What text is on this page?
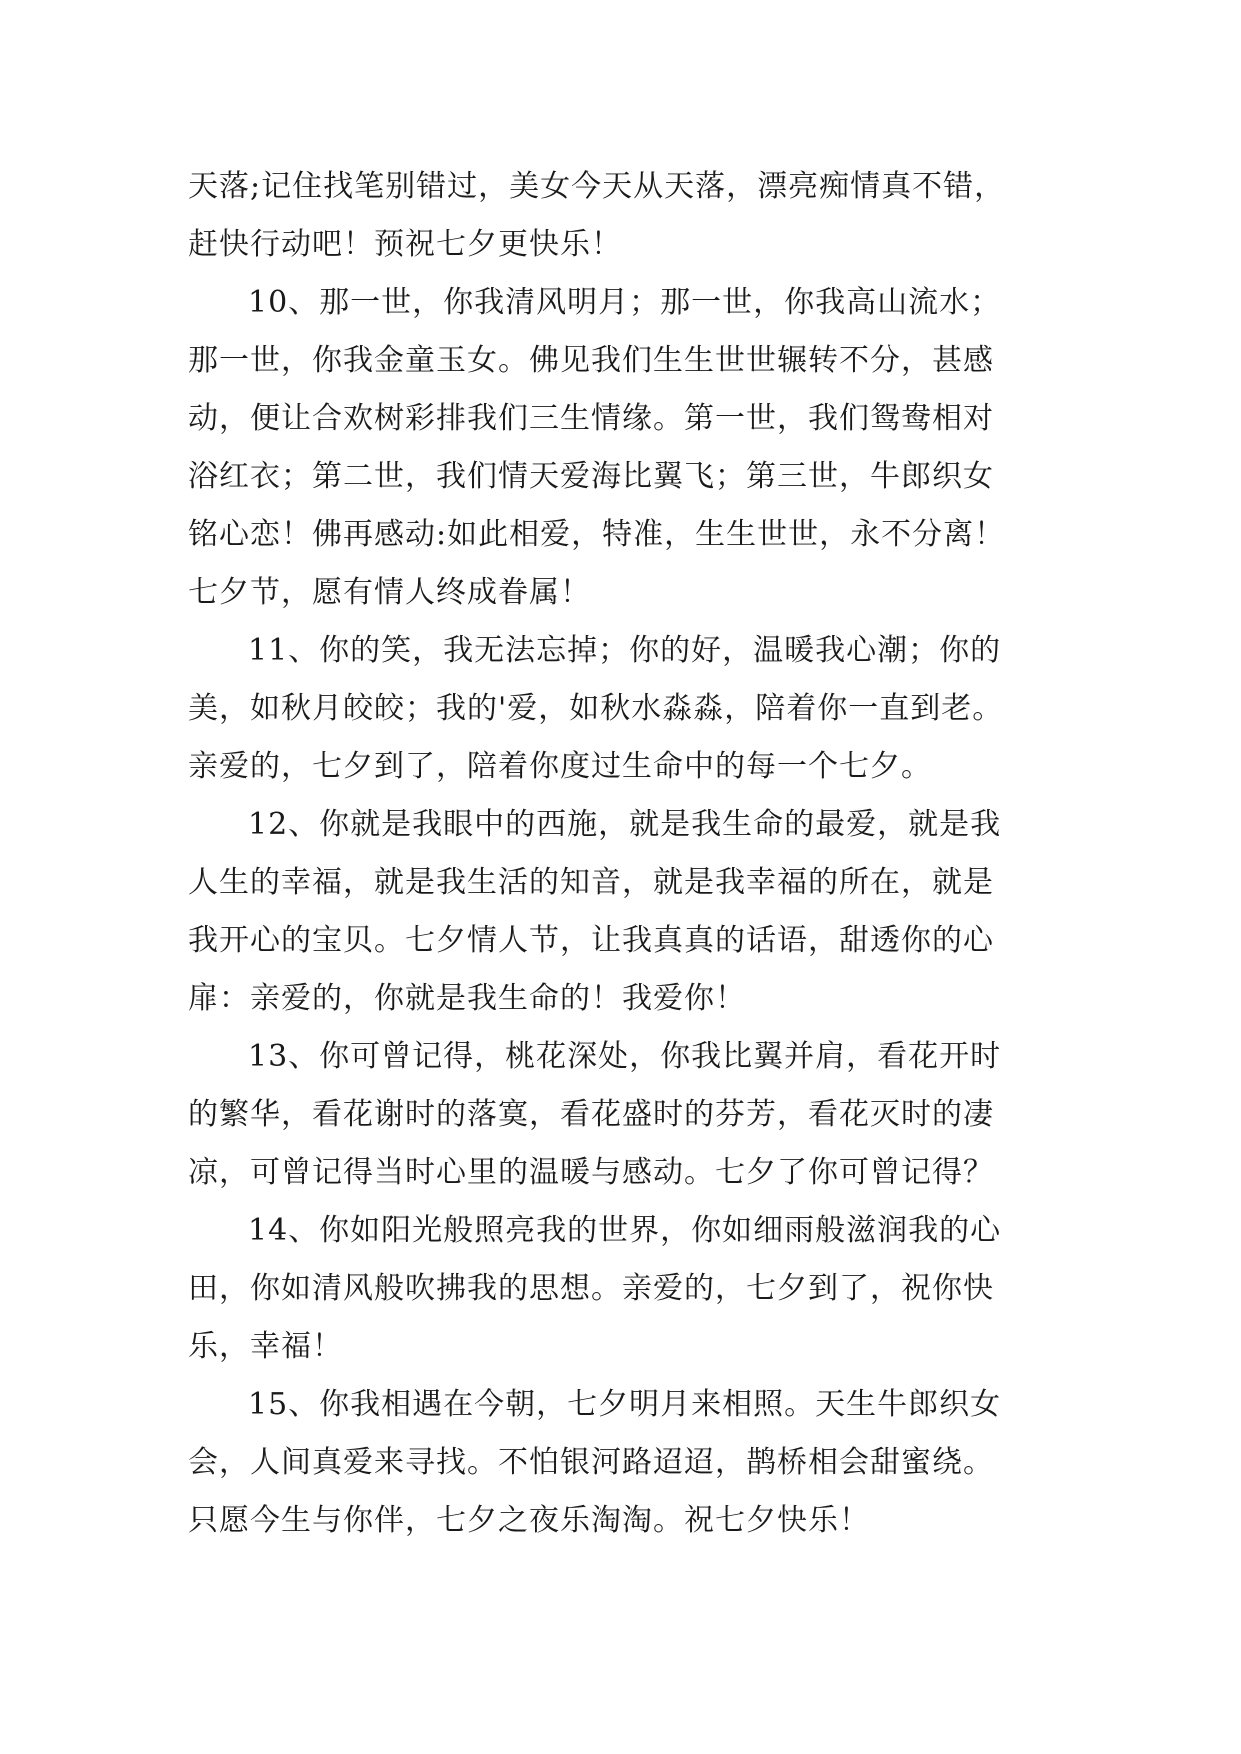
天落;记住找笔别错过，美女今天从天落，漂亮痴情真不错，
赶快行动吧！预祝七夕更快乐！
10、那一世，你我清风明月；那一世，你我高山流水；
那一世，你我金童玉女。佛见我们生生世世辗转不分，甚感
动，便让合欢树彩排我们三生情缘。第一世，我们鸳鸯相对
浴红衣；第二世，我们情天爱海比翼飞；第三世，牛郎织女
铭心恋！佛再感动:如此相爱，特准，生生世世，永不分离！
七夕节，愿有情人终成眷属！
11、你的笑，我无法忘掉；你的好，温暖我心潮；你的
美，如秋月皎皎；我的'爱，如秋水淼淼，陪着你一直到老。
亲爱的，七夕到了，陪着你度过生命中的每一个七夕。
12、你就是我眼中的西施，就是我生命的最爱，就是我
人生的幸福，就是我生活的知音，就是我幸福的所在，就是
我开心的宝贝。七夕情人节，让我真真的话语，甜透你的心
扉：亲爱的，你就是我生命的！我爱你！
13、你可曾记得，桃花深处，你我比翼并肩，看花开时
的繁华，看花谢时的落寞，看花盛时的芬芳，看花灭时的凄
凉，可曾记得当时心里的温暖与感动。七夕了你可曾记得？
14、你如阳光般照亮我的世界，你如细雨般滋润我的心
田，你如清风般吹拂我的思想。亲爱的，七夕到了，祝你快
乐，幸福！
15、你我相遇在今朝，七夕明月来相照。天生牛郎织女
会，人间真爱来寻找。不怕银河路迢迢，鹊桥相会甜蜜绕。
只愿今生与你伴，七夕之夜乐淘淘。祝七夕快乐！
